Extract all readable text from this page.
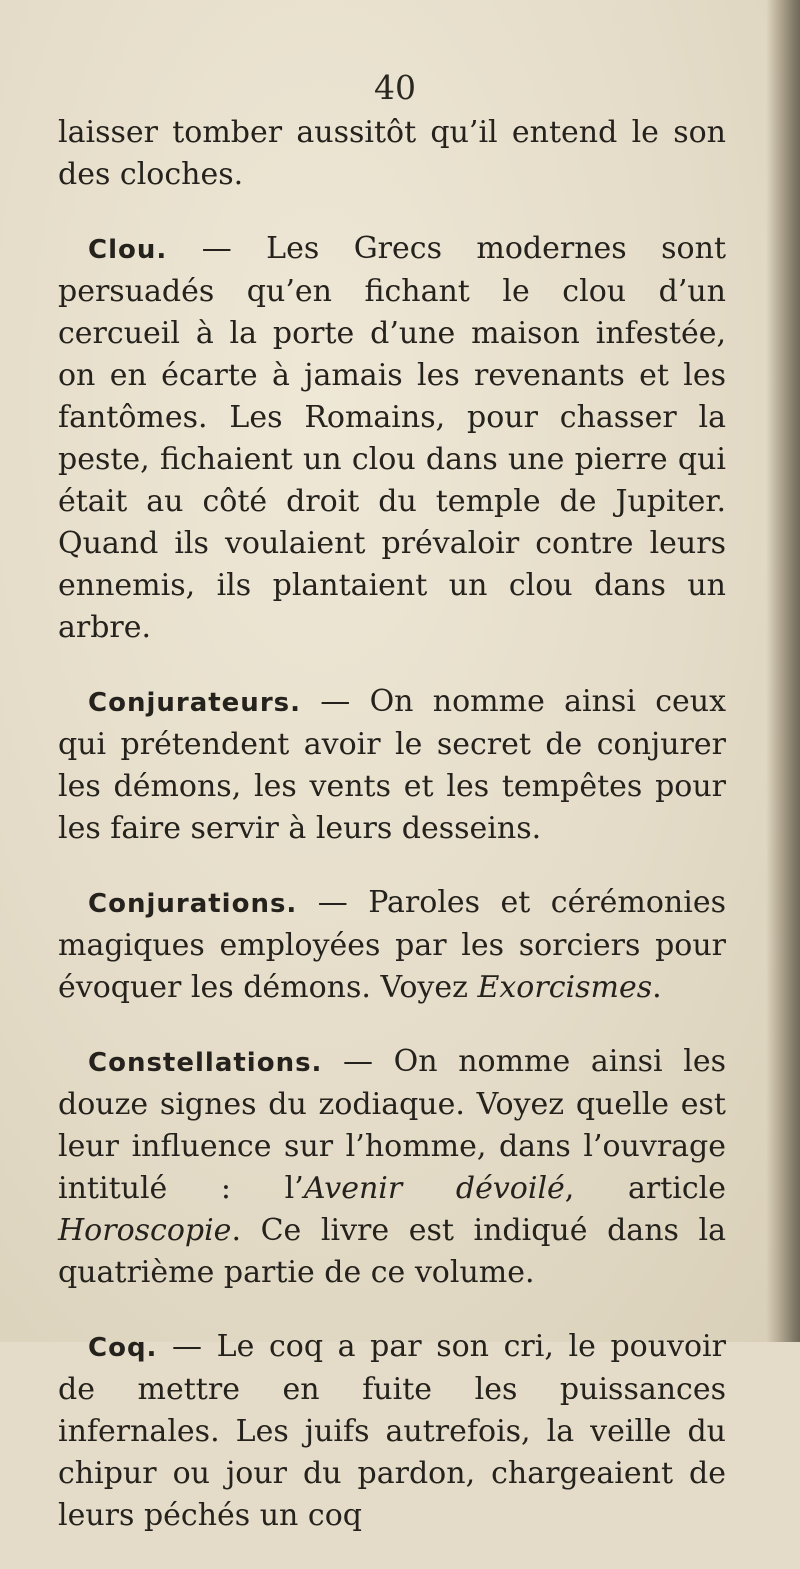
40

laisser tomber aussitôt qu’il entend le son des cloches.

Clou. — Les Grecs modernes sont persuadés qu’en fichant le clou d’un cercueil à la porte d’une maison infestée, on en écarte à jamais les revenants et les fantômes. Les Romains, pour chasser la peste, fichaient un clou dans une pierre qui était au côté droit du temple de Jupiter. Quand ils voulaient prévaloir contre leurs ennemis, ils plantaient un clou dans un arbre.

Conjurateurs. — On nomme ainsi ceux qui prétendent avoir le secret de conjurer les démons, les vents et les tempêtes pour les faire servir à leurs desseins.

Conjurations. — Paroles et cérémonies magiques employées par les sorciers pour évoquer les démons. Voyez Exorcismes.

Constellations. — On nomme ainsi les douze signes du zodiaque. Voyez quelle est leur influence sur l’homme, dans l’ouvrage intitulé : l’Avenir dévoilé, article Horoscopie. Ce livre est indiqué dans la quatrième partie de ce volume.

Coq. — Le coq a par son cri, le pouvoir de mettre en fuite les puissances infernales. Les juifs autrefois, la veille du chipur ou jour du pardon, chargeaient de leurs péchés un coq
